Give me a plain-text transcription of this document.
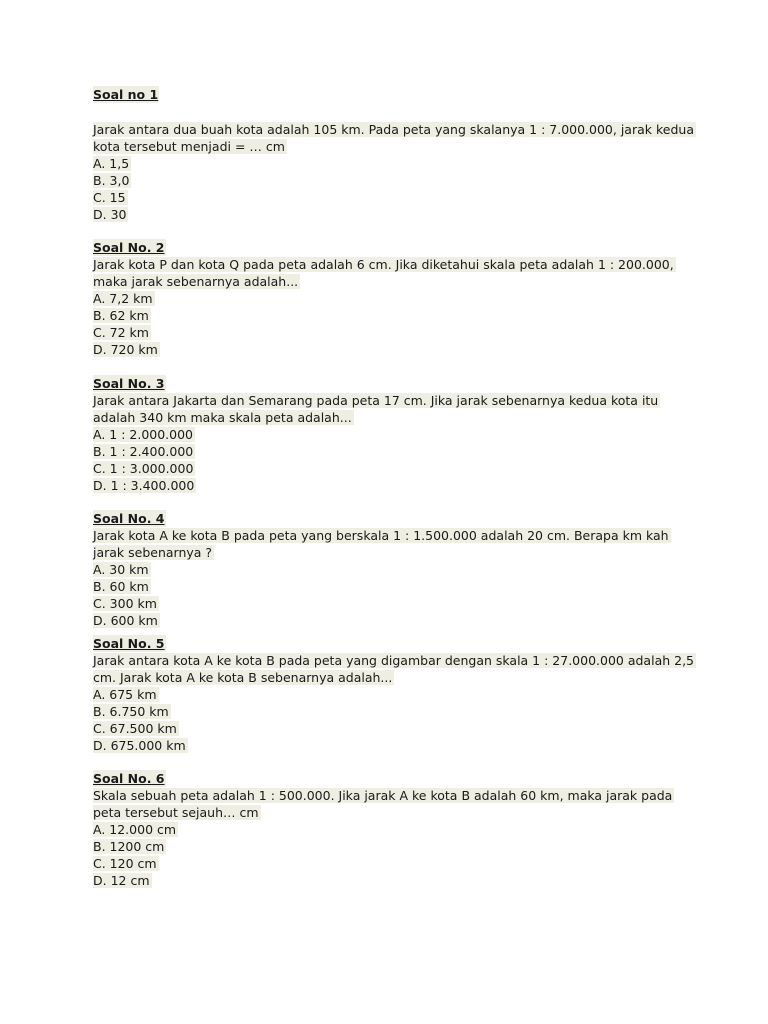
Soal no 1
Jarak antara dua buah kota adalah 105 km. Pada peta yang skalanya 1 : 7.000.000, jarak kedua
kota tersebut menjadi = … cm
A. 1,5
B. 3,0
C. 15
D. 30
Soal No. 2
Jarak kota P dan kota Q pada peta adalah 6 cm. Jika diketahui skala peta adalah 1 : 200.000,
maka jarak sebenarnya adalah...
A. 7,2 km
B. 62 km
C. 72 km
D. 720 km
Soal No. 3
Jarak antara Jakarta dan Semarang pada peta 17 cm. Jika jarak sebenarnya kedua kota itu
adalah 340 km maka skala peta adalah...
A. 1 : 2.000.000
B. 1 : 2.400.000
C. 1 : 3.000.000
D. 1 : 3.400.000
Soal No. 4
Jarak kota A ke kota B pada peta yang berskala 1 : 1.500.000 adalah 20 cm. Berapa km kah
jarak sebenarnya ?
A. 30 km
B. 60 km
C. 300 km
D. 600 km
Soal No. 5
Jarak antara kota A ke kota B pada peta yang digambar dengan skala 1 : 27.000.000 adalah 2,5
cm. Jarak kota A ke kota B sebenarnya adalah...
A. 675 km
B. 6.750 km
C. 67.500 km
D. 675.000 km
Soal No. 6
Skala sebuah peta adalah 1 : 500.000. Jika jarak A ke kota B adalah 60 km, maka jarak pada
peta tersebut sejauh… cm
A. 12.000 cm
B. 1200 cm
C. 120 cm
D. 12 cm
